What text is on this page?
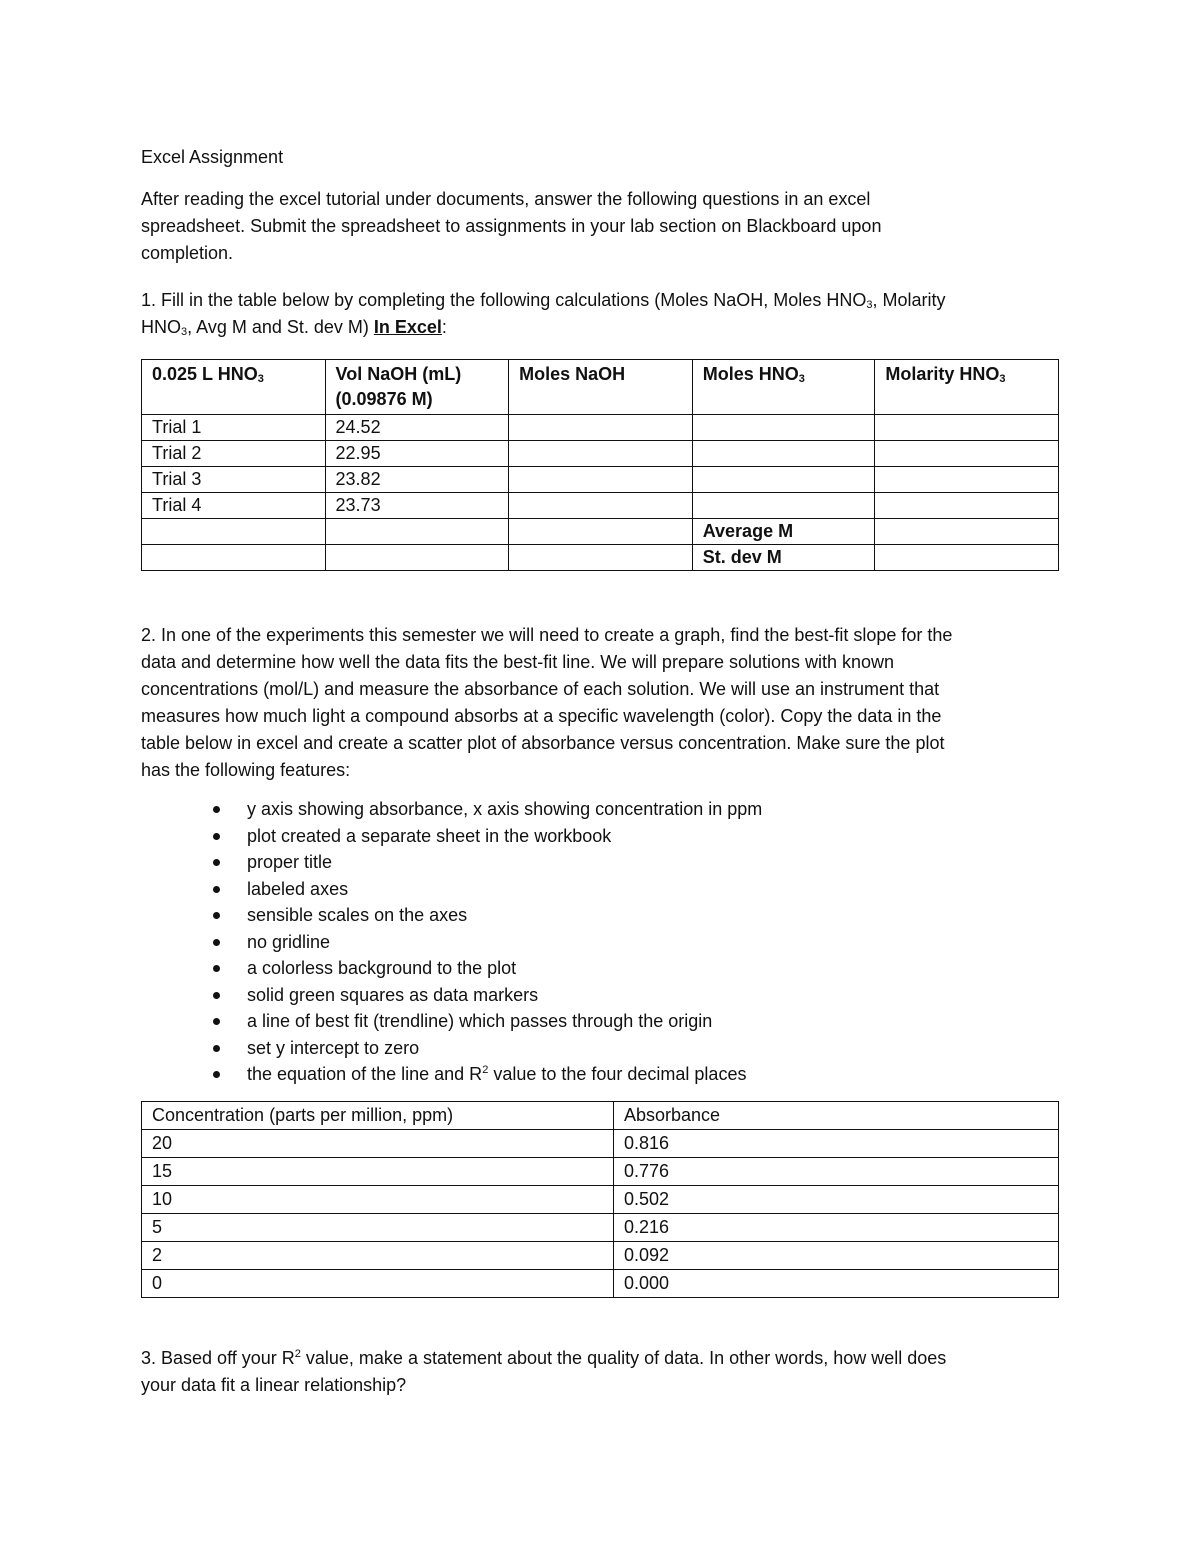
Excel Assignment

After reading the excel tutorial under documents, answer the following questions in an excel

spreadsheet. Submit the spreadsheet to assignments in your lab section on Blackboard upon

completion.

1. Fill in the table below by completing the following calculations (Moles NaOH, Moles $HNO_3$, Molarity

$HNO_3$, Avg M and St. dev M) In Excel:

0.025 L $HNO_3$	Vol NaOH (mL)
(0.09876 M)	Moles NaOH	Moles $HNO_3$	Molarity $HNO_3$
Trial 1	24.52			
Trial 2	22.95			
Trial 3	23.82			
Trial 4	23.73			
			Average M	
			St. dev M	

2. In one of the experiments this semester we will need to create a graph, find the best-fit slope for the

data and determine how well the data fits the best-fit line. We will prepare solutions with known

concentrations (mol/L) and measure the absorbance of each solution. We will use an instrument that

measures how much light a compound absorbs at a specific wavelength (color). Copy the data in the

table below in excel and create a scatter plot of absorbance versus concentration. Make sure the plot

has the following features:

y axis showing absorbance, x axis showing concentration in ppm
plot created a separate sheet in the workbook
proper title
labeled axes
sensible scales on the axes
no gridline
a colorless background to the plot
solid green squares as data markers
a line of best fit (trendline) which passes through the origin
set y intercept to zero
the equation of the line and $R^2$ value to the four decimal places
Concentration (parts per million, ppm)	Absorbance
20	0.816
15	0.776
10	0.502
5	0.216
2	0.092
0	0.000

3. Based off your $R^2$ value, make a statement about the quality of data. In other words, how well does

your data fit a linear relationship?
